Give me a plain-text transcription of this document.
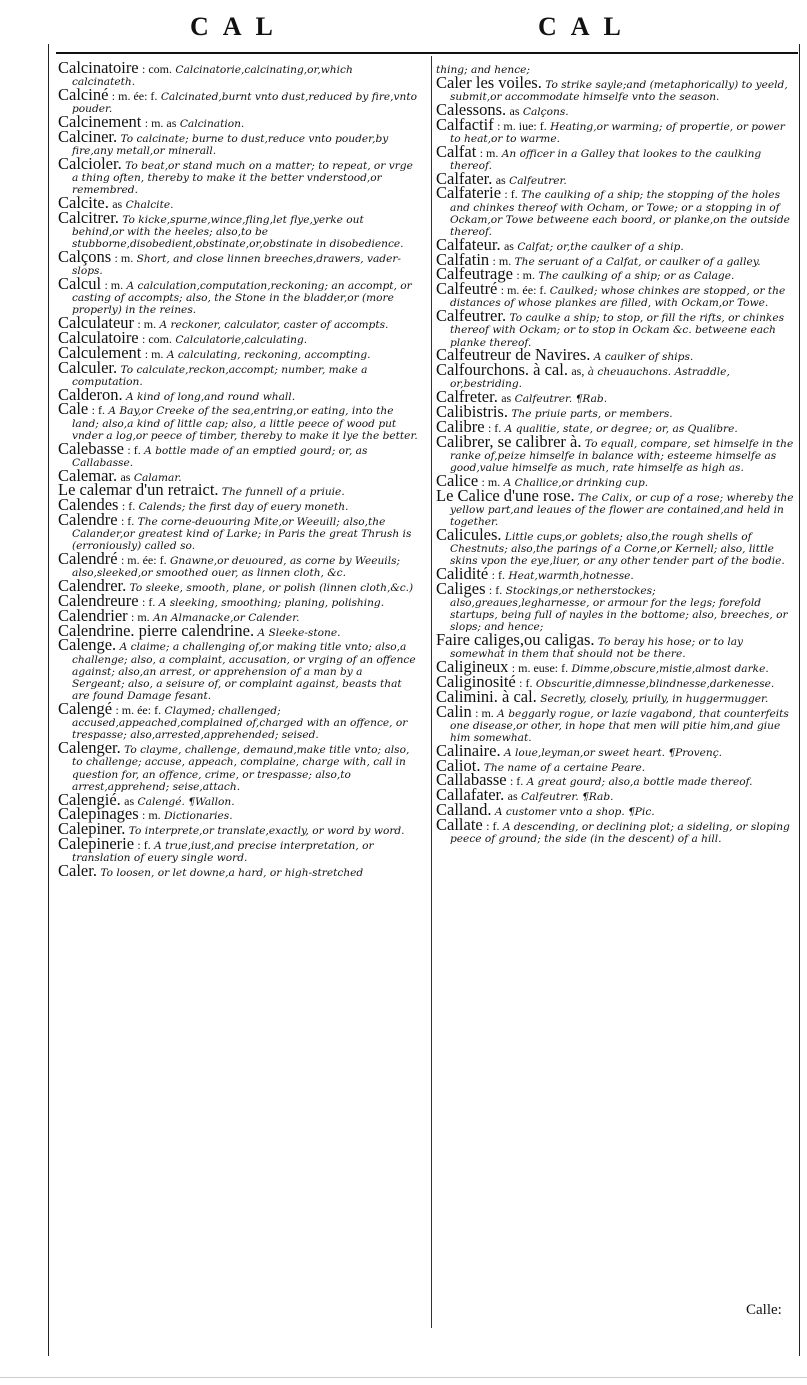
CAL	CAL
Calcinatoire : com. Calcinatorie,calcinating,or,which calcinateth.
Calciné : m. ée: f. Calcinated,burnt vnto dust,reduced by fire,vnto pouder.
Calcinement : m. as Calcination.
Calciner. To calcinate; burne to dust,reduce vnto pouder,by fire,any metall,or minerall.
Calcioler. To beat,or stand much on a matter; to repeat, or vrge a thing often, thereby to make it the better vnderstood,or remembred.
Calcite. as Chalcite.
Calcitrer. To kicke,spurne,wince,fling,let flye,yerke out behind,or with the heeles; also,to be stubborne,disobedient,obstinate,or,obstinate in disobedience.
Calçons : m. Short, and close linnen breeches,drawers, vader-slops.
Calcul : m. A calculation,computation,reckoning; an accompt, or casting of accompts; also, the Stone in the bladder,or (more properly) in the reines.
Calculateur : m. A reckoner, calculator, caster of accompts.
Calculatoire : com. Calculatorie,calculating.
Calculement : m. A calculating, reckoning, accompting.
Calculer. To calculate,reckon,accompt; number, make a computation.
Calderon. A kind of long,and round whall.
Cale : f. A Bay,or Creeke of the sea,entring,or eating, into the land; also,a kind of little cap; also, a little peece of wood put vnder a log,or peece of timber, thereby to make it lye the better.
Calebasse : f. A bottle made of an emptied gourd; or, as Callabasse.
Calemar. as Calamar.
Le calemar d'un retraict. The funnell of a priuie.
Calendes : f. Calends; the first day of euery moneth.
Calendre : f. The corne-deuouring Mite,or Weeuill; also,the Calander,or greatest kind of Larke; in Paris the great Thrush is (erroniously) called so.
Calendré : m. ée: f. Gnawne,or deuoured, as corne by Weeuils; also,sleeked,or smoothed ouer, as linnen cloth, &c.
Calendrer. To sleeke, smooth, plane, or polish (linnen cloth,&c.)
Calendreure : f. A sleeking, smoothing; planing, polishing.
Calendrier : m. An Almanacke,or Calender.
Calendrine. pierre calendrine. A Sleeke-stone.
Calenge. A claime; a challenging of,or making title vnto; also,a challenge; also, a complaint, accusation, or vrging of an offence against; also,an arrest, or apprehension of a man by a Sergeant; also, a seisure of, or complaint against, beasts that are found Damage fesant.
Calengé : m. ée: f. Claymed; challenged; accused,appeached,complained of,charged with an offence, or trespasse; also,arrested,apprehended; seised.
Calenger. To clayme, challenge, demaund,make title vnto; also, to challenge; accuse, appeach, complaine, charge with, call in question for, an offence, crime, or trespasse; also,to arrest,apprehend; seise,attach.
Calengié. as Calengé. ¶Wallon.
Calepinages : m. Dictionaries.
Calepiner. To interprete,or translate,exactly, or word by word.
Calepinerie : f. A true,iust,and precise interpretation, or translation of euery single word.
Caler. To loosen, or let downe,a hard, or high-stretched
thing; and hence;
Caler les voiles. To strike sayle;and (metaphorically) to yeeld, submit,or accommodate himselfe vnto the season.
Calessons. as Calçons.
Calfactif : m. iue: f. Heating,or warming; of propertie, or power to heat,or to warme.
Calfat : m. An officer in a Galley that lookes to the caulking thereof.
Calfater. as Calfeutrer.
Calfaterie : f. The caulking of a ship; the stopping of the holes and chinkes thereof with Ocham, or Towe; or a stopping in of Ockam,or Towe betweene each boord, or planke,on the outside thereof.
Calfateur. as Calfat; or,the caulker of a ship.
Calfatin : m. The seruant of a Calfat, or caulker of a galley.
Calfeutrage : m. The caulking of a ship; or as Calage.
Calfeutré : m. ée: f. Caulked; whose chinkes are stopped, or the distances of whose plankes are filled, with Ockam,or Towe.
Calfeutrer. To caulke a ship; to stop, or fill the rifts, or chinkes thereof with Ockam; or to stop in Ockam &c. betweene each planke thereof.
Calfeutreur de Navires. A caulker of ships.
Calfourchons. à cal. as, à cheuauchons. Astraddle, or,bestriding.
Calfreter. as Calfeutrer. ¶Rab.
Calibistris. The priuie parts, or members.
Calibre : f. A qualitie, state, or degree; or, as Qualibre.
Calibrer, se calibrer à. To equall, compare, set himselfe in the ranke of,peize himselfe in balance with; esteeme himselfe as good,value himselfe as much, rate himselfe as high as.
Calice : m. A Challice,or drinking cup.
Le Calice d'une rose. The Calix, or cup of a rose; whereby the yellow part,and leaues of the flower are contained,and held in together.
Calicules. Little cups,or goblets; also,the rough shells of Chestnuts; also,the parings of a Corne,or Kernell; also, little skins vpon the eye,liuer, or any other tender part of the bodie.
Calidité : f. Heat,warmth,hotnesse.
Caliges : f. Stockings,or netherstockes; also,greaues,legharnesse, or armour for the legs; forefold startups, being full of nayles in the bottome; also, breeches, or slops; and hence;
Faire caliges,ou caligas. To beray his hose; or to lay somewhat in them that should not be there.
Caligineux : m. euse: f. Dimme,obscure,mistie,almost darke.
Caliginosité : f. Obscuritie,dimnesse,blindnesse,darkenesse.
Calimini. à cal. Secretly, closely, priuily, in huggermugger.
Calin : m. A beggarly rogue, or lazie vagabond, that counterfeits one disease,or other, in hope that men will pitie him,and giue him somewhat.
Calinaire. A loue,leyman,or sweet heart. ¶Provenç.
Caliot. The name of a certaine Peare.
Callabasse : f. A great gourd; also,a bottle made thereof.
Callafater. as Calfeutrer. ¶Rab.
Calland. A customer vnto a shop. ¶Pic.
Callate : f. A descending, or declining plot; a sideling, or sloping peece of ground; the side (in the descent) of a hill.
Calle:
